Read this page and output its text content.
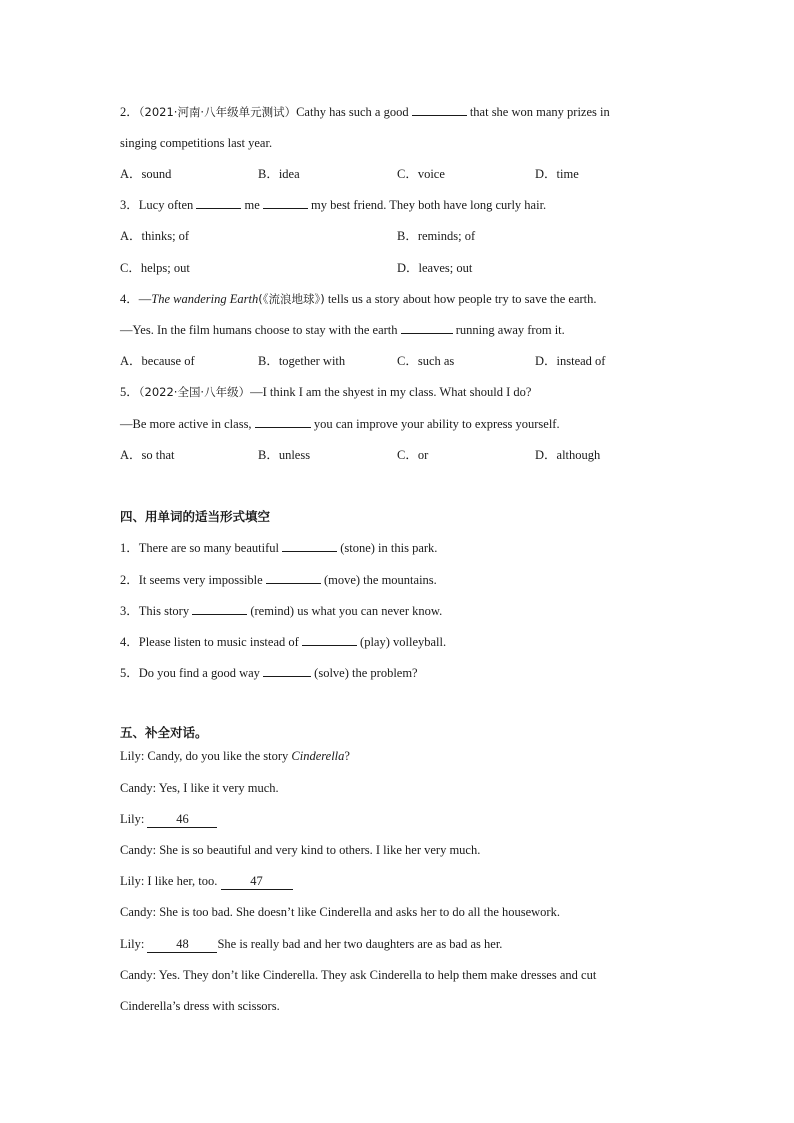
2．（2021·河南·八年级单元测试）Cathy has such a good	that she won many prizes in
singing competitions last year.
A．sound	B．idea	C．voice	D．time
3．Lucy often	me	my best friend. They both have long curly hair.
A．thinks; of	B．reminds; of
C．helps; out	D．leaves; out
4．—The wandering Earth(《流浪地球》) tells us a story about how people try to save the earth.
—Yes. In the film humans choose to stay with the earth	running away from it.
A．because of	B．together with	C．such as	D．instead of
5．（2022·全国·八年级）—I think I am the shyest in my class. What should I do?
—Be more active in class,	you can improve your ability to express yourself.
A．so that	B．unless	C．or	D．although
四、用单词的适当形式填空
1．There are so many beautiful	(stone) in this park.
2．It seems very impossible	(move) the mountains.
3．This story	(remind) us what you can never know.
4．Please listen to music instead of	(play) volleyball.
5．Do you find a good way	(solve) the problem?
五、补全对话。
Lily: Candy, do you like the story Cinderella?
Candy: Yes, I like it very much.
Lily:	46
Candy: She is so beautiful and very kind to others. I like her very much.
Lily: I like her, too.	47
Candy: She is too bad. She doesn’t like Cinderella and asks her to do all the housework.
Lily:	48 She is really bad and her two daughters are as bad as her.
Candy: Yes. They don’t like Cinderella. They ask Cinderella to help them make dresses and cut
Cinderella’s dress with scissors.
